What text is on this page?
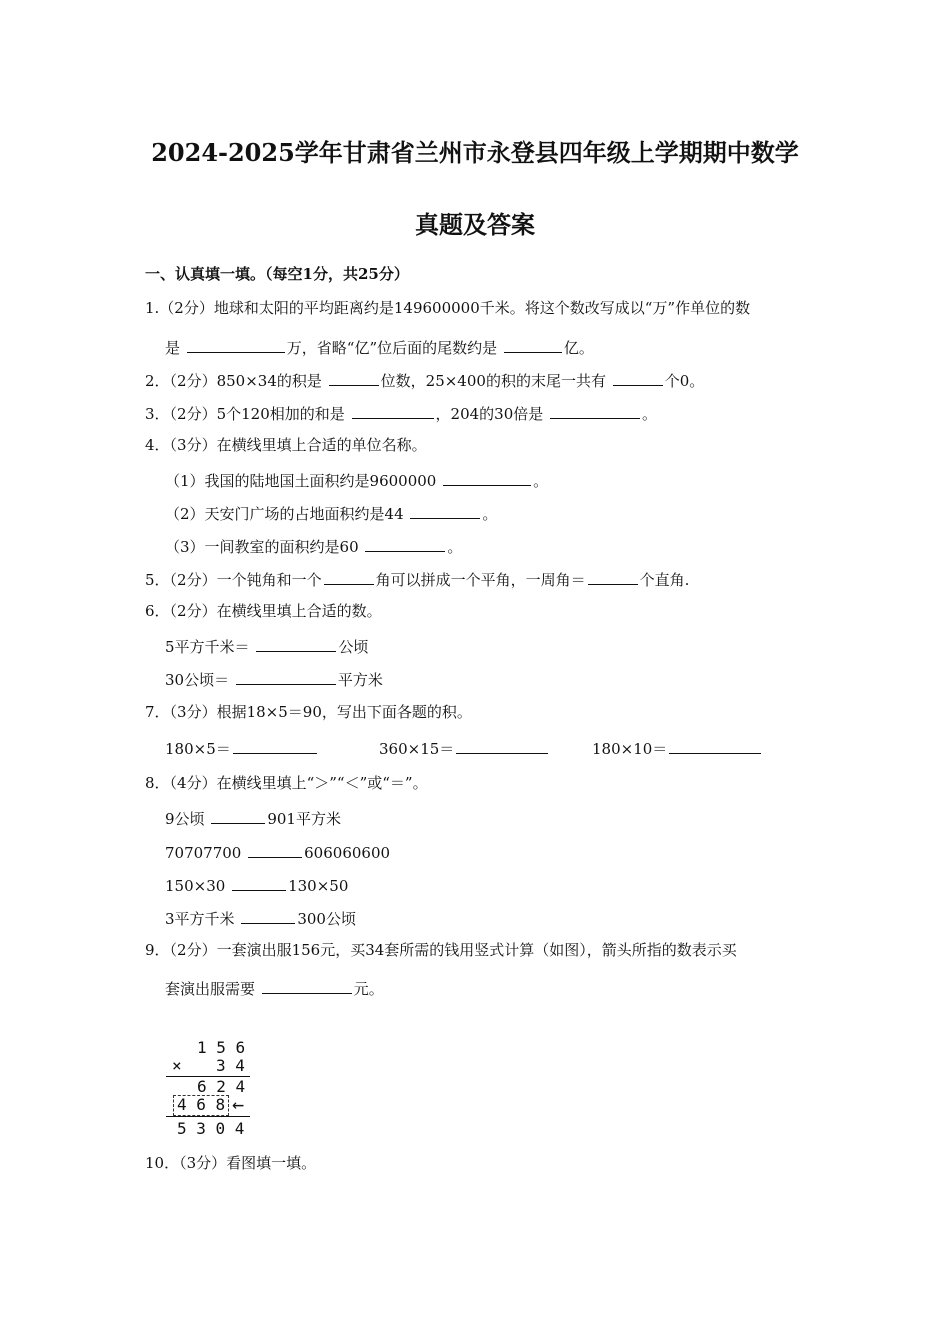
2024-2025学年甘肃省兰州市永登县四年级上学期期中数学
真题及答案
一、认真填一填。（每空1分，共25分）
1.（2分）地球和太阳的平均距离约是149600000千米。将这个数改写成以“万”作单位的数
是	万，省略“亿”位后面的尾数约是	亿。
2．（2分）850×34的积是	位数，25×400的积的末尾一共有	个0。
3．（2分）5个120相加的和是	，204的30倍是	。
4．（3分）在横线里填上合适的单位名称。
（1）我国的陆地国土面积约是9600000	。
（2）天安门广场的占地面积约是44	。
（3）一间教室的面积约是60	。
5．（2分）一个钝角和一个	角可以拼成一个平角，一周角＝	个直角.
6．（2分）在横线里填上合适的数。
5平方千米＝	公顷
30公顷＝	平方米
7．（3分）根据18×5＝90，写出下面各题的积。
180×5＝	360×15＝	180×10＝
8．（4分）在横线里填上“＞”“＜”或“＝”。
9公顷	901平方米
70707700	606060600
150×30	130×50
3平方千米	300公顷
9．（2分）一套演出服156元，买34套所需的钱用竖式计算（如图），箭头所指的数表示买
套演出服需要	元。
1 5 6
× 3 4
6 2 4
4 6 8 ←
5 3 0 4
10．（3分）看图填一填。
